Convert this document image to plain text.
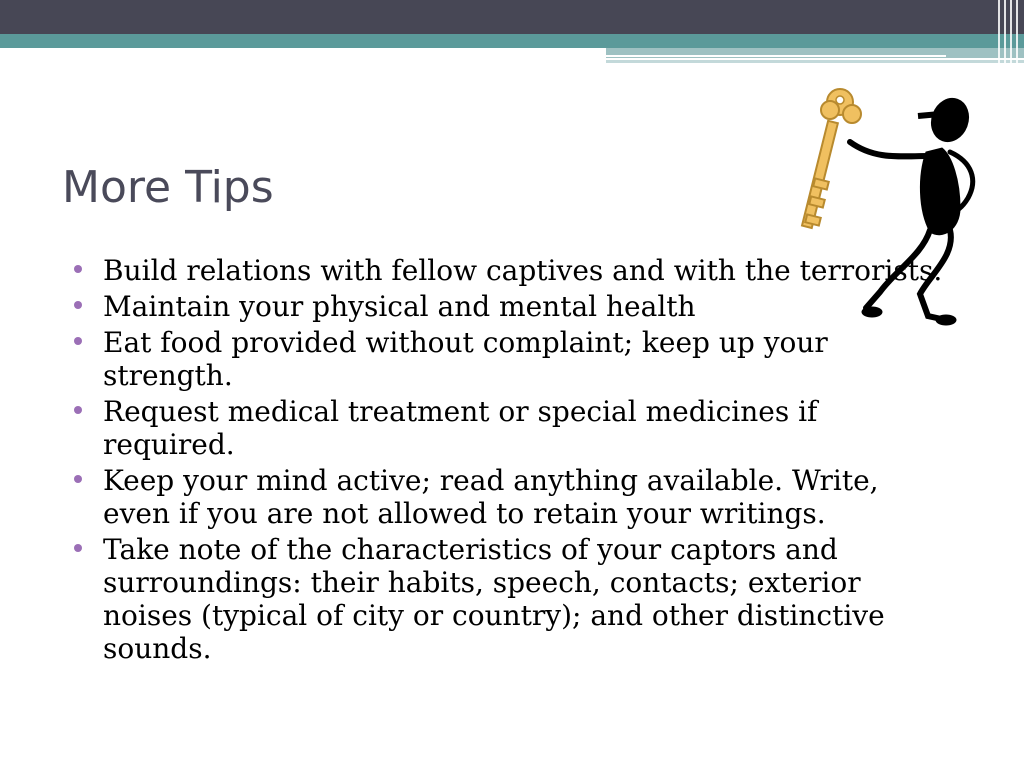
More Tips
Build relations with fellow captives and with the terrorists.
Maintain your physical and mental health
Eat food provided without complaint; keep up your strength.
Request medical treatment or special medicines if required.
Keep your mind active; read anything available. Write, even if you are not allowed to retain your writings.
Take note of the characteristics of your captors and surroundings: their habits, speech, contacts; exterior noises (typical of city or country); and other distinctive sounds.
